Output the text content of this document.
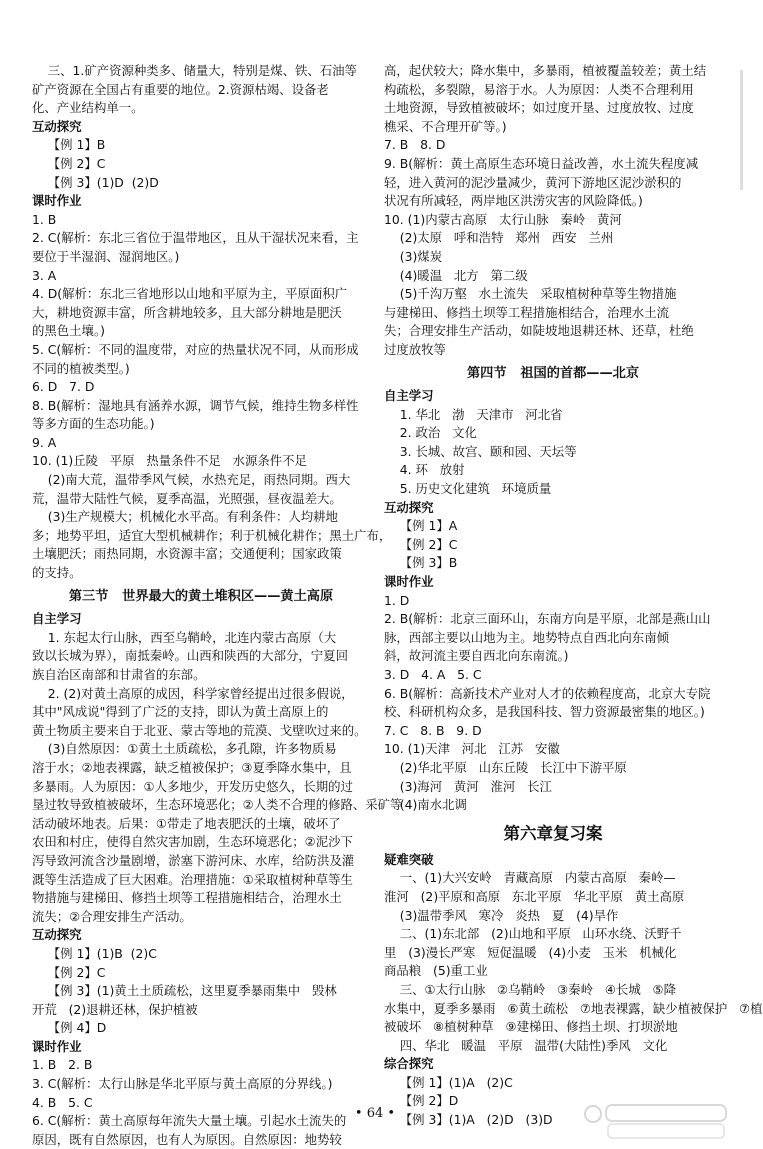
三、1.矿产资源种类多、储量大，特别是煤、铁、石油等
矿产资源在全国占有重要的地位。2.资源枯竭、设备老
化、产业结构单一。
互动探究
【例 1】B
【例 2】C
【例 3】(1)D  (2)D
课时作业
1. B
2. C(解析：东北三省位于温带地区，且从干湿状况来看，主
要位于半湿润、湿润地区。)
3. A
4. D(解析：东北三省地形以山地和平原为主，平原面积广
大，耕地资源丰富，所含耕地较多，且大部分耕地是肥沃
的黑色土壤。)
5. C(解析：不同的温度带，对应的热量状况不同，从而形成
不同的植被类型。)
6. D   7. D
8. B(解析：湿地具有涵养水源，调节气候，维持生物多样性
等多方面的生态功能。)
9. A
10. (1)丘陵   平原   热量条件不足   水源条件不足
(2)南大荒，温带季风气候，水热充足，雨热同期。西大
荒，温带大陆性气候，夏季高温，光照强，昼夜温差大。
(3)生产规模大；机械化水平高。有利条件：人均耕地
多；地势平坦，适宜大型机械耕作；利于机械化耕作；黑土广布，
土壤肥沃；雨热同期，水资源丰富；交通便利；国家政策
的支持。
第三节   世界最大的黄土堆积区——黄土高原
自主学习
1. 东起太行山脉，西至乌鞘岭，北连内蒙古高原（大
致以长城为界），南抵秦岭。山西和陕西的大部分，宁夏回
族自治区南部和甘肃省的东部。
2. (2)对黄土高原的成因，科学家曾经提出过很多假说，
其中"风成说"得到了广泛的支持，即认为黄土高原上的
黄土物质主要来自于北亚、蒙古等地的荒漠、戈壁吹过来的。
(3)自然原因：①黄土土质疏松，多孔隙，许多物质易
溶于水；②地表裸露，缺乏植被保护；③夏季降水集中，且
多暴雨。人为原因：①人多地少，开发历史悠久，长期的过
垦过牧导致植被破坏，生态环境恶化；②人类不合理的修路、采矿等
活动破坏地表。后果：①带走了地表肥沃的土壤，破坏了
农田和村庄，使得自然灾害加剧，生态环境恶化；②泥沙下
泻导致河流含沙量剧增，淤塞下游河床、水库，给防洪及灌
溉等生活造成了巨大困难。治理措施：①采取植树种草等生
物措施与建梯田、修挡土坝等工程措施相结合，治理水土
流失；②合理安排生产活动。
互动探究
【例 1】(1)B  (2)C
【例 2】C
【例 3】(1)黄土土质疏松，这里夏季暴雨集中   毁林
开荒   (2)退耕还林，保护植被
【例 4】D
课时作业
1. B   2. B
3. C(解析：太行山脉是华北平原与黄土高原的分界线。)
4. B   5. C
6. C(解析：黄土高原每年流失大量土壤。引起水土流失的
原因，既有自然原因，也有人为原因。自然原因：地势较
高，起伏较大；降水集中，多暴雨，植被覆盖较差；黄土结
构疏松，多裂隙，易溶于水。人为原因：人类不合理利用
土地资源，导致植被破坏；如过度开垦、过度放牧、过度
樵采、不合理开矿等。)
7. B   8. D
9. B(解析：黄土高原生态环境日益改善，水土流失程度减
轻，进入黄河的泥沙量减少，黄河下游地区泥沙淤积的
状况有所减轻，两岸地区洪涝灾害的风险降低。)
10. (1)内蒙古高原   太行山脉   秦岭   黄河
(2)太原   呼和浩特   郑州   西安   兰州
(3)煤炭
(4)暖温   北方   第二级
(5)千沟万壑   水土流失   采取植树种草等生物措施
与建梯田、修挡土坝等工程措施相结合，治理水土流
失；合理安排生产活动，如陡坡地退耕还林、还草，杜绝
过度放牧等
第四节   祖国的首都——北京
自主学习
1. 华北   渤   天津市   河北省
2. 政治   文化
3. 长城、故宫、颐和园、天坛等
4. 环   放射
5. 历史文化建筑   环境质量
互动探究
【例 1】A
【例 2】C
【例 3】B
课时作业
1. D
2. B(解析：北京三面环山，东南方向是平原，北部是燕山山
脉，西部主要以山地为主。地势特点自西北向东南倾
斜，故河流主要自西北向东南流。)
3. D   4. A   5. C
6. B(解析：高新技术产业对人才的依赖程度高，北京大专院
校、科研机构众多，是我国科技、智力资源最密集的地区。)
7. C   8. B   9. D
10. (1)天津   河北   江苏   安徽
(2)华北平原   山东丘陵   长江中下游平原
(3)海河   黄河   淮河   长江
(4)南水北调
第六章复习案
疑难突破
一、(1)大兴安岭   青藏高原   内蒙古高原   秦岭—
淮河   (2)平原和高原   东北平原   华北平原   黄土高原
(3)温带季风   寒冷   炎热   夏   (4)旱作
二、(1)东北部   (2)山地和平原   山环水绕、沃野千
里   (3)漫长严寒   短促温暖   (4)小麦   玉米   机械化
商品粮   (5)重工业
三、①太行山脉   ②乌鞘岭   ③秦岭   ④长城   ⑤降
水集中，夏季多暴雨   ⑥黄土疏松   ⑦地表裸露，缺少植被保护   ⑦植
被破坏   ⑧植树种草   ⑨建梯田、修挡土坝、打坝淤地
四、华北   暖温   平原   温带(大陆性)季风   文化
综合探究
【例 1】(1)A   (2)C
【例 2】D
【例 3】(1)A   (2)D   (3)D
• 64 •
